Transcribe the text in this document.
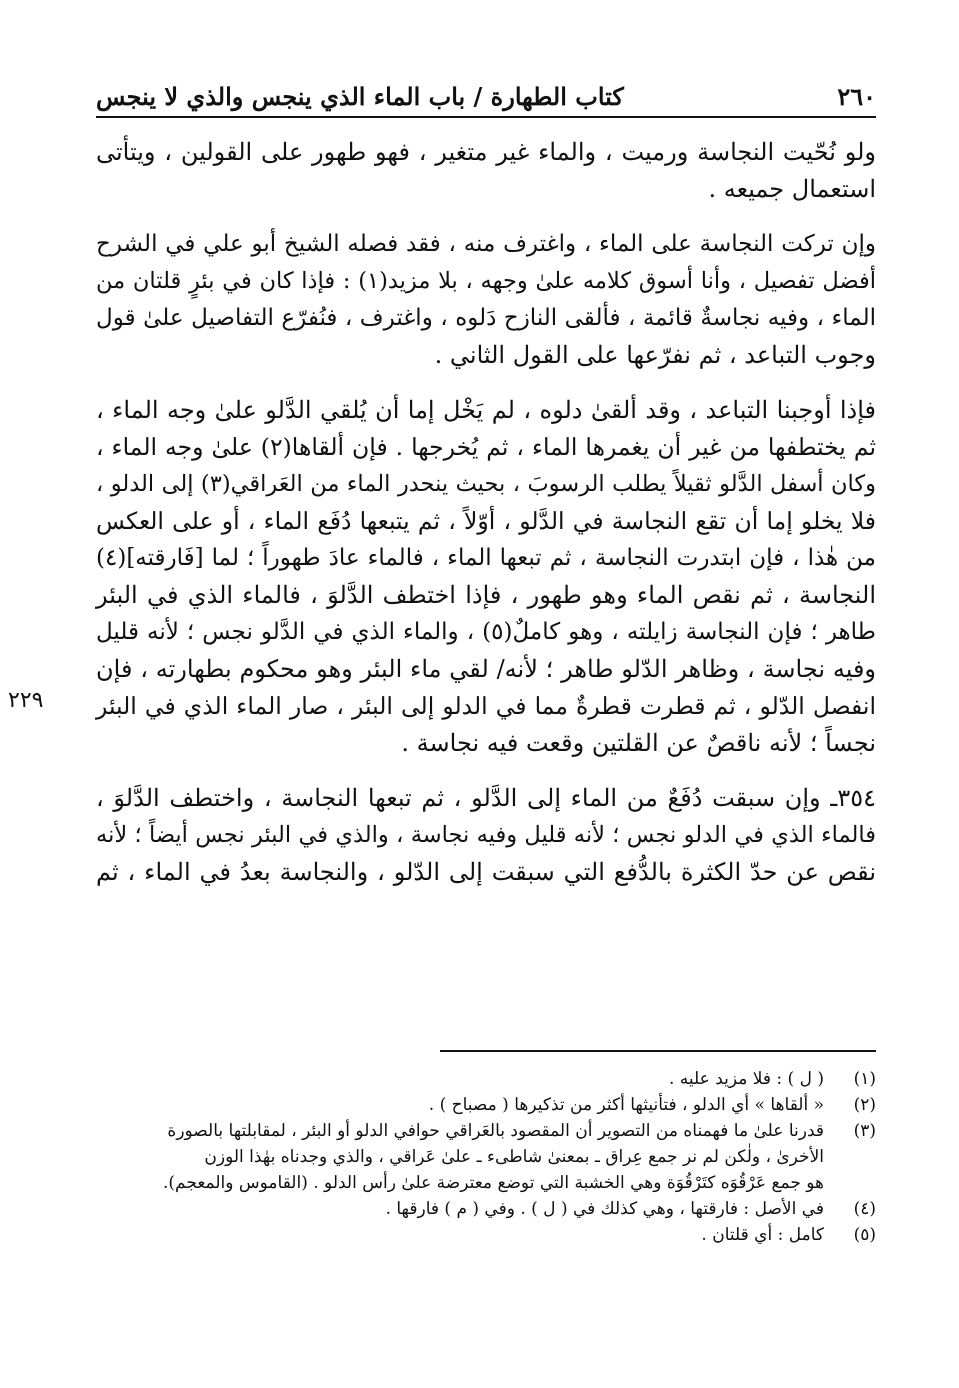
٢٦٠
كتاب الطهارة / باب الماء الذي ينجس والذي لا ينجس
ولو نُحّيت النجاسة ورميت ، والماء غير متغير ، فهو طهور على القولين ، ويتأتى
استعمال جميعه .
وإن تركت النجاسة على الماء ، واغترف منه ، فقد فصله الشيخ أبو علي في الشرح
أفضل تفصيل ، وأنا أسوق كلامه علىٰ وجهه ، بلا مزيد(١) : فإذا كان في بئرٍ قلتان من
الماء ، وفيه نجاسةٌ قائمة ، فألقى النازح دَلوه ، واغترف ، فنُفرّع التفاصيل علىٰ قول
وجوب التباعد ، ثم نفرّعها على القول الثاني .
فإذا أوجبنا التباعد ، وقد ألقىٰ دلوه ، لم يَخْل إما أن يُلقي الدَّلو علىٰ وجه الماء ،
ثم يختطفها من غير أن يغمرها الماء ، ثم يُخرجها . فإن ألقاها(٢) علىٰ وجه الماء ،
وكان أسفل الدَّلو ثقيلاً يطلب الرسوبَ ، بحيث ينحدر الماء من العَراقي(٣) إلى الدلو ،
فلا يخلو إما أن تقع النجاسة في الدَّلو ، أوّلاً ، ثم يتبعها دُفَع الماء ، أو على العكس
من هٰذا ، فإن ابتدرت النجاسة ، ثم تبعها الماء ، فالماء عادَ طهوراً ؛ لما [فَارقته](٤)
النجاسة ، ثم نقص الماء وهو طهور ، فإذا اختطف الدَّلوَ ، فالماء الذي في البئر
طاهر ؛ فإن النجاسة زايلته ، وهو كاملٌ(٥) ، والماء الذي في الدَّلو نجس ؛ لأنه قليل
وفيه نجاسة ، وظاهر الدّلو طاهر ؛ لأنه/ لقي ماء البئر وهو محكوم بطهارته ، فإن
انفصل الدّلو ، ثم قطرت قطرةٌ مما في الدلو إلى البئر ، صار الماء الذي في البئر
نجساً ؛ لأنه ناقصٌ عن القلتين وقعت فيه نجاسة .
٢٢٩
٣٥٤ـ وإن سبقت دُفَعٌ من الماء إلى الدَّلو ، ثم تبعها النجاسة ، واختطف الدَّلوَ ،
فالماء الذي في الدلو نجس ؛ لأنه قليل وفيه نجاسة ، والذي في البئر نجس أيضاً ؛ لأنه
نقص عن حدّ الكثرة بالدُّفع التي سبقت إلى الدّلو ، والنجاسة بعدُ في الماء ، ثم
(١)
( ل ) : فلا مزيد عليه .
(٢)
« ألقاها » أي الدلو ، فتأنيثها أكثر من تذكيرها ( مصباح ) .
(٣)
قدرنا علىٰ ما فهمناه من التصوير أن المقصود بالعَراقي حوافي الدلو أو البئر ، لمقابلتها بالصورة
الأخرىٰ ، ولٰكن لم نر جمع عِراق ـ بمعنىٰ شاطىء ـ علىٰ عَراقي ، والذي وجدناه بهٰذا الوزن
هو جمع عَرْقُوَه كتَرْقُوَة وهي الخشبة التي توضع معترضة علىٰ رأس الدلو . (القاموس والمعجم).
(٤)
في الأصل : فارقتها ، وهي كذلك في ( ل ) . وفي ( م ) فارقها .
(٥)
كامل : أي قلتان .
